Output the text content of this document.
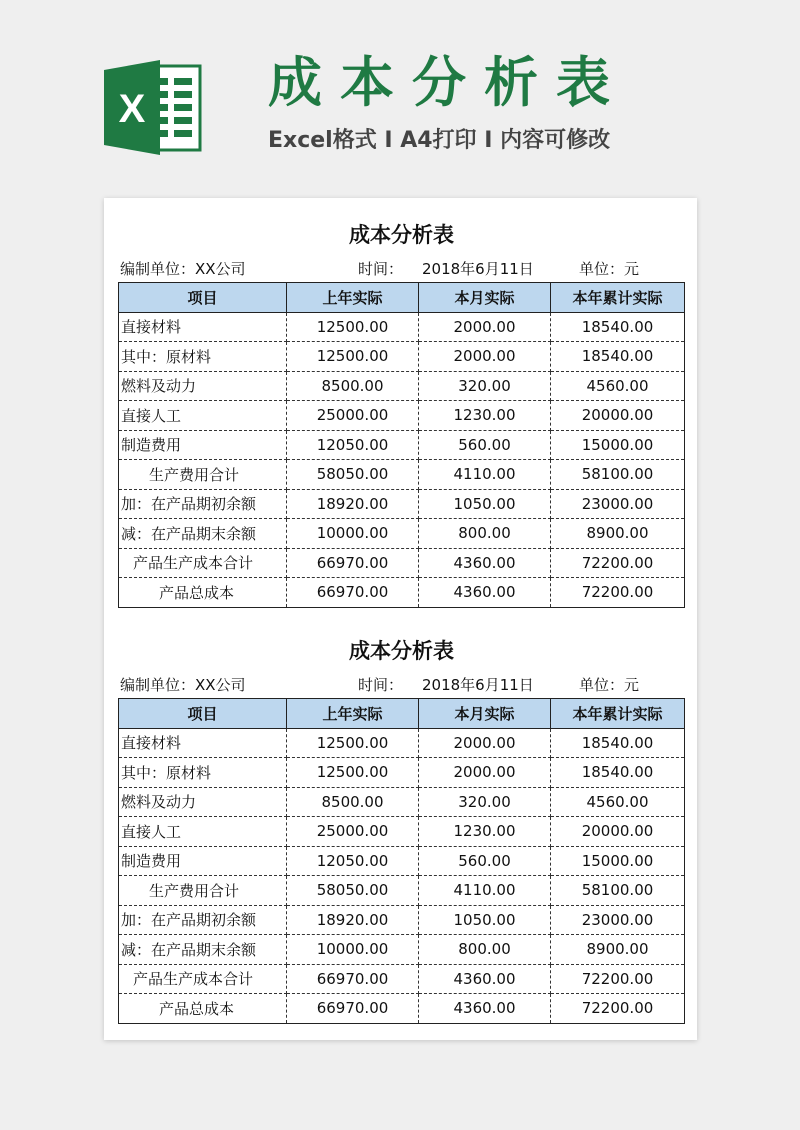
X 成本分析表
Excel格式 I A4打印 I 内容可修改
成本分析表
编制单位：XX公司	时间： 2018年6月11日	单位：元
项目	上年实际	本月实际	本年累计实际
直接材料	12500.00	2000.00	18540.00
其中：原材料	12500.00	2000.00	18540.00
燃料及动力	8500.00	320.00	4560.00
直接人工	25000.00	1230.00	20000.00
制造费用	12050.00	560.00	15000.00
生产费用合计	58050.00	4110.00	58100.00
加：在产品期初余额	18920.00	1050.00	23000.00
减：在产品期末余额	10000.00	800.00	8900.00
产品生产成本合计	66970.00	4360.00	72200.00
产品总成本	66970.00	4360.00	72200.00
成本分析表
编制单位：XX公司	时间： 2018年6月11日	单位：元
项目	上年实际	本月实际	本年累计实际
直接材料	12500.00	2000.00	18540.00
其中：原材料	12500.00	2000.00	18540.00
燃料及动力	8500.00	320.00	4560.00
直接人工	25000.00	1230.00	20000.00
制造费用	12050.00	560.00	15000.00
生产费用合计	58050.00	4110.00	58100.00
加：在产品期初余额	18920.00	1050.00	23000.00
减：在产品期末余额	10000.00	800.00	8900.00
产品生产成本合计	66970.00	4360.00	72200.00
产品总成本	66970.00	4360.00	72200.00
